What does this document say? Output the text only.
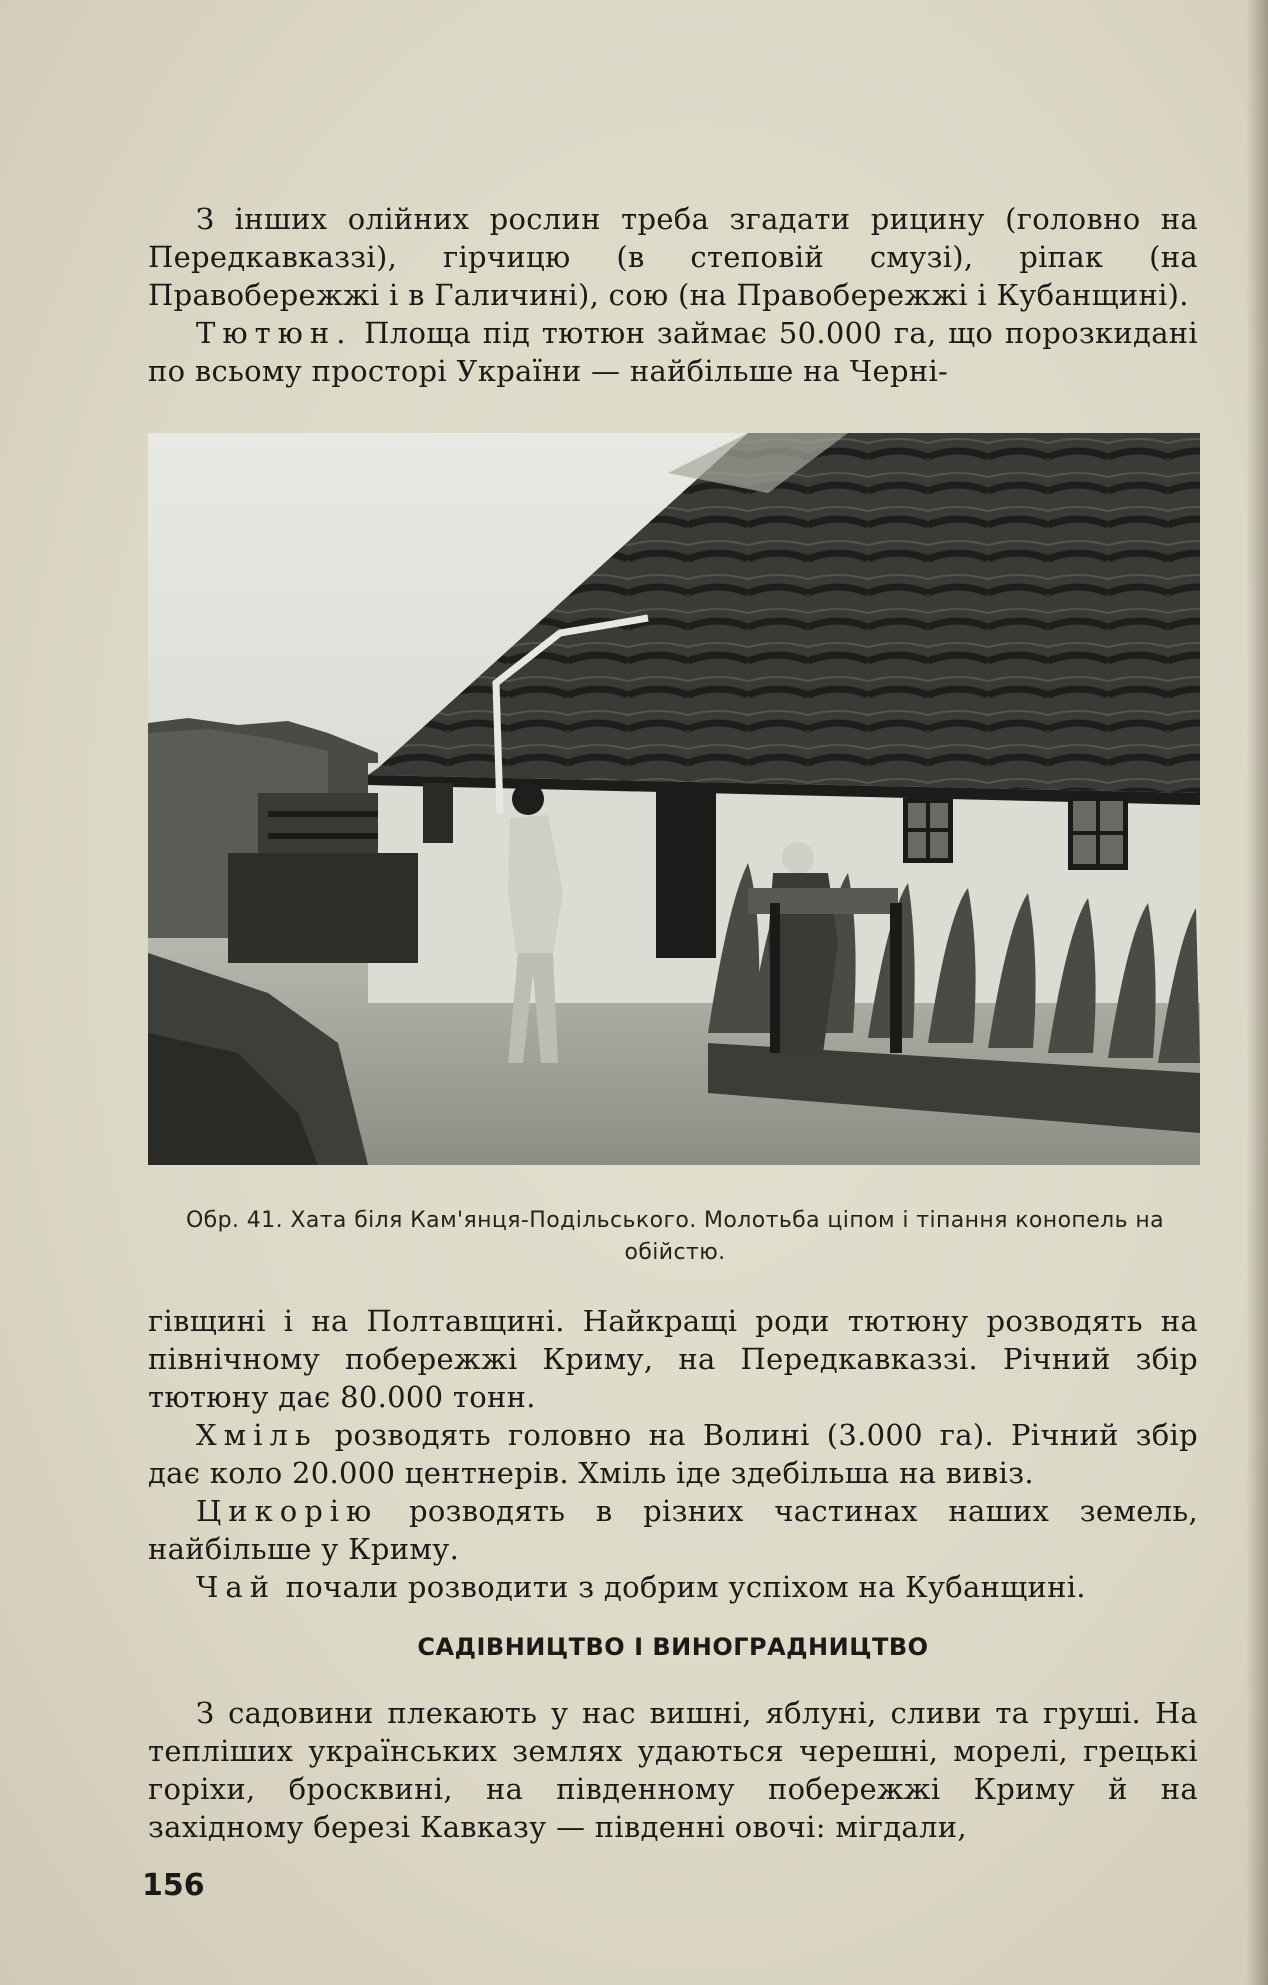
З інших олійних рослин треба згадати рицину (головно на Передкавказзі), гірчицю (в степовій смузі), ріпак (на Правобережжі і в Галичині), сою (на Правобережжі і Кубанщині).

Тютюн. Площа під тютюн займає 50.000 га, що порозкидані по всьому просторі України — найбільше на Черні-

Обр. 41. Хата біля Кам'янця-Подільського. Молотьба ціпом і тіпання конопель на обійстю.

гівщині і на Полтавщині. Найкращі роди тютюну розводять на північному побережжі Криму, на Передкавказзі. Річний збір тютюну дає 80.000 тонн.

Хміль розводять головно на Волині (3.000 га). Річний збір дає коло 20.000 центнерів. Хміль іде здебільша на вивіз.

Цикорію розводять в різних частинах наших земель, найбільше у Криму.

Чай почали розводити з добрим успіхом на Кубанщині.

САДІВНИЦТВО І ВИНОГРАДНИЦТВО

З садовини плекають у нас вишні, яблуні, сливи та груші. На тепліших українських землях удаються черешні, морелі, грецькі горіхи, бросквині, на південному побережжі Криму й на західному березі Кавказу — південні овочі: мігдали,

156
